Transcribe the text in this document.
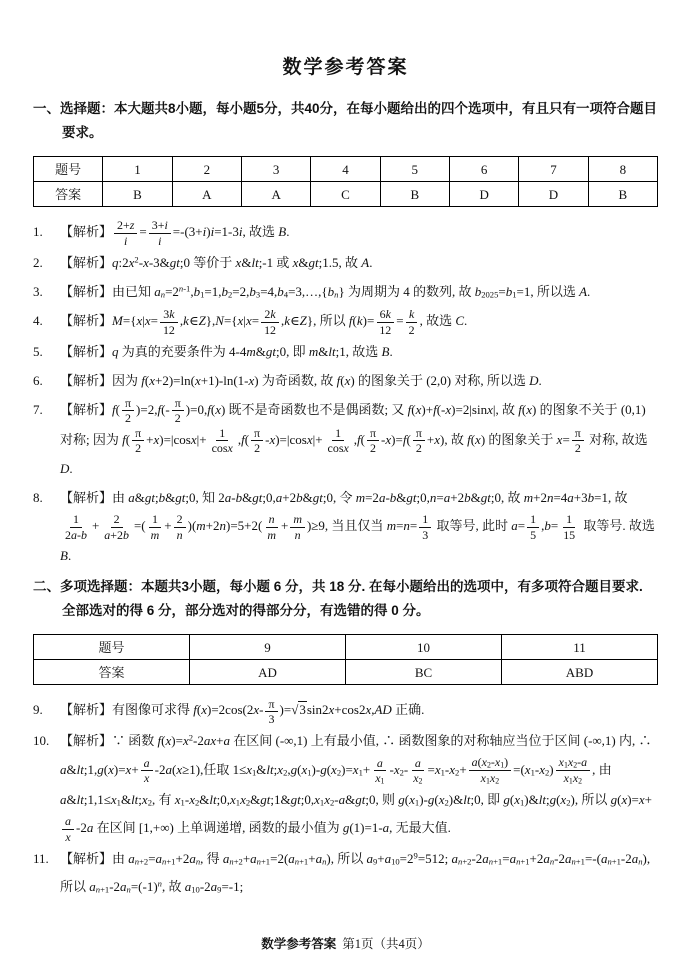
数学参考答案

一、选择题：本大题共8小题，每小题5分，共40分，在每小题给出的四个选项中，有且只有一项符合题目要求。

题号	1	2	3	4	5	6	7	8
答案	B	A	A	C	B	D	D	B
1. 【解析】 $\frac{2+z}{i} = \frac{3+i}{i} =-(3+i)i=1-3i$, 故选 B.
2. 【解析】$q:2x^2-x-3\&gt;0$ 等价于 x&lt;-1 或 x&gt;1.5, 故 A.
3. 【解析】由已知 $a_n=2^{n-1},b_1=1,b_2=2,b_3=4,b_4=3,\dots,\{b_n\}$ 为周期为 4 的数列, 故 $b_{2025}=b_1=1$, 所以选 A.
4. 【解析】$M=\{x|x= \frac{3k}{12}$ ,k∈Z},N={x|x= $\frac{2k}{12}$ ,k∈Z}, 所以 $f(k)= \frac{6k}{12} = \frac{k}{2}$ , 故选 C.
5. 【解析】q 为真的充要条件为 4-4m&gt;0, 即 m&lt;1, 故选 B.
6. 【解析】因为 f(x+2)=ln(x+1)-ln(1-x) 为奇函数, 故 f(x) 的图象关于 (2,0) 对称, 所以选 D.
7. 【解析】$f( \frac{\pi}{2} )=2,f(- \frac{\pi}{2} )=0,f(x)$ 既不是奇函数也不是偶函数; 又 f(x)+f(-x)=2|sinx|, 故 f(x) 的图象不关于 (0,1) 对称; 因为 $f( \frac{\pi}{2} +x)=|\cos x|+ \frac{1}{\cos x} ,f( \frac{\pi}{2} -x)=|\cos x|+ \frac{1}{\cos x} ,f( \frac{\pi}{2} -x)=f( \frac{\pi}{2} +x)$, 故 f(x) 的图象关于 $x= \frac{\pi}{2}$ 对称, 故选 D.
8. 【解析】由 a&gt;b&gt;0, 知 2a-b&gt;0,a+2b&gt;0, 令 m=2a-b&gt;0,n=a+2b&gt;0, 故 m+2n=4a+3b=1, 故
$\frac{1}{2a-b} + \frac{2}{a+2b}$ =( $\frac{1}{m} + \frac{2}{n} )(m+2n)=5+2( \frac{n}{m} + \frac{m}{n} )\ge 9$, 当且仅当 $m=n= \frac{1}{3}$ 取等号, 此时 $a= \frac{1}{5} ,b= \frac{1}{15}$ 取等号. 故选 B.

二、多项选择题：本题共3小题，每小题 6 分，共 18 分. 在每小题给出的选项中，有多项符合题目要求. 全部选对的得 6 分，部分选对的得部分分，有选错的得 0 分。

题号	9	10	11
答案	AD	BC	ABD
9. 【解析】有图像可求得 $f(x)=2\cos(2x- \frac{\pi}{3} )=√3\sin 2x+\cos 2x,AD$ 正确.
10. 【解析】∵ 函数 $f(x)=x^2-2ax+a$ 在区间 (-∞,1) 上有最小值, ∴ 函数图象的对称轴应当位于区间 (-∞,1) 内, ∴ a&lt;1,g(x)=x+ $\frac{a}{x} -2a(x\ge 1)$,任取 $1\le x_1\&lt;x_2,g(x_1)-g(x_2)=x_1+ \frac{a}{x_1} -x_2- \frac{a}{x_2} =x_1-x_2+ \frac{a(x_2-x_1)}{x_1x_2} =(x_1-x_2) \frac{x_1x_2-a}{x_1x_2}$ , 由 $a\&lt;1,1\le x_1\&lt;x_2$, 有 $x_1-x_2\&lt;0,x_1x_2\&gt;1\&gt;0,x_1x_2-a\&gt;0$, 则 $g(x_1)-g(x_2)\&lt;0$, 即 $g(x_1)\&lt;g(x_2)$, 所以 g(x)=x+
$\frac{a}{x} -2a$ 在区间 [1,+∞) 上单调递增, 函数的最小值为 g(1)=1-a, 无最大值.
11. 【解析】由 $a_{n+2}=a_{n+1}+2a_n$, 得 $a_{n+2}+a_{n+1}=2(a_{n+1}+a_n)$, 所以 $a_9+a_{10}=2^9=512$; $a_{n+2}-2a_{n+1}=a_{n+1}+2a_n-2a_{n+1}=-(a_{n+1}-2a_n)$, 所以 $a_{n+1}-2a_n=(-1)^n$, 故 $a_{10}-2a_9=-1$;
数学参考答案 第1页（共4页）
